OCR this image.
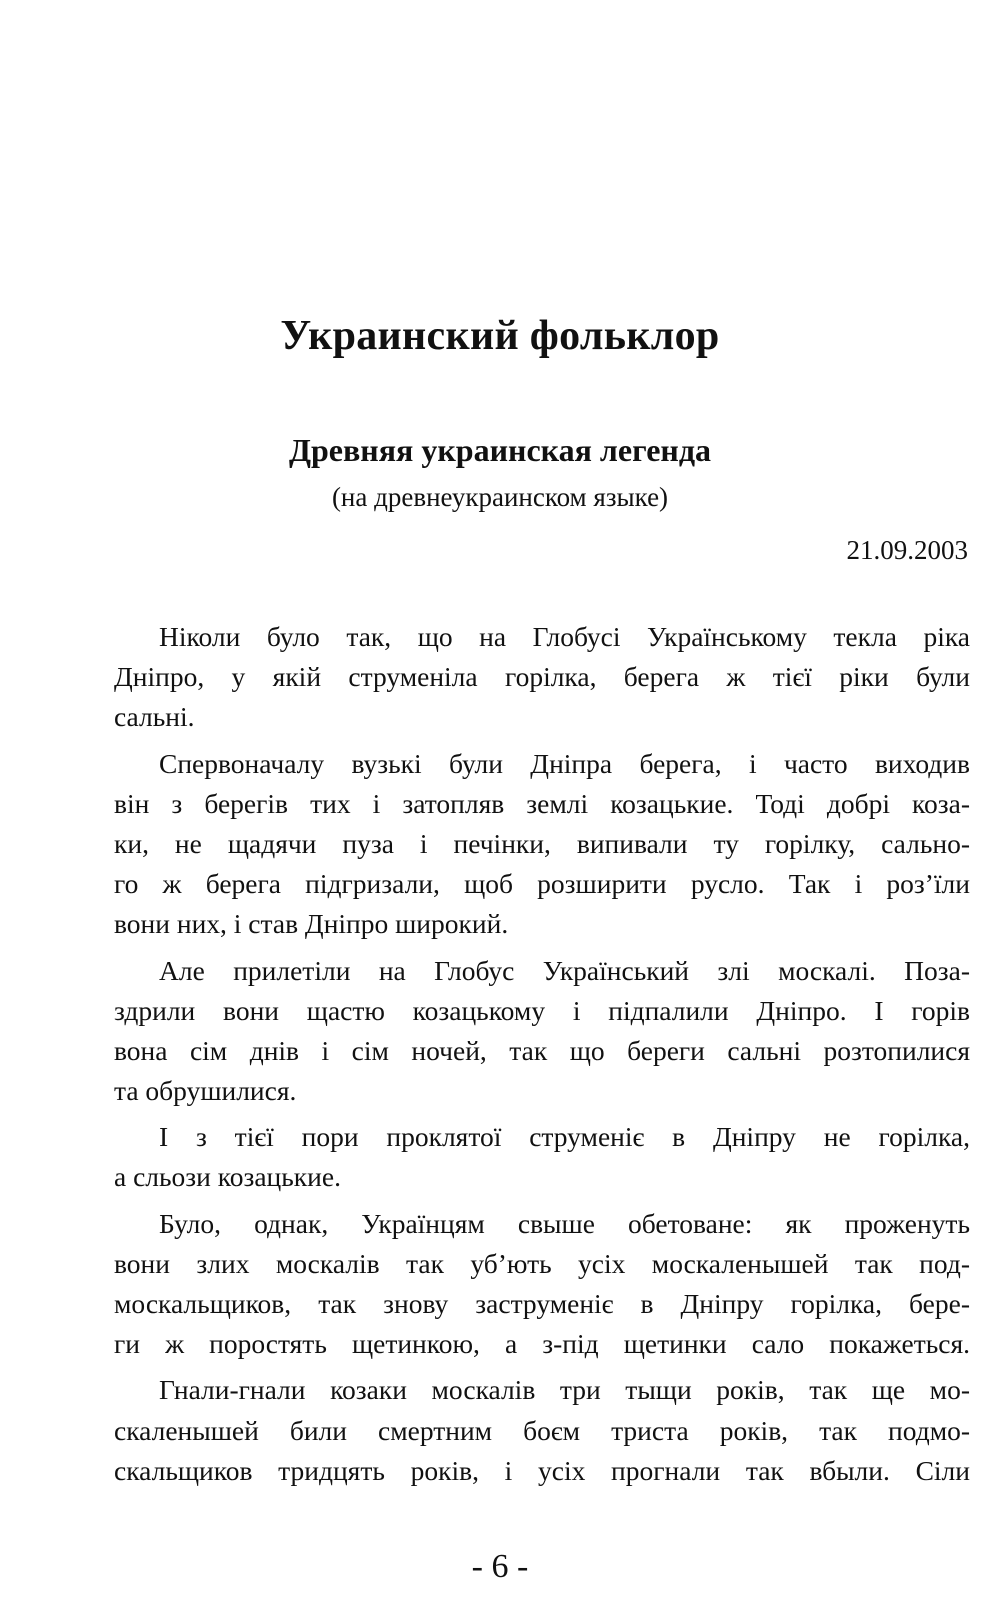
Украинский фольклор
Древняя украинская легенда

(на древнеукраинском языке)

21.09.2003

Ніколи було так, що на Глобусі Українському текла ріка
Дніпро, у якій струменіла горілка, берега ж тієї ріки були
сальні.
Спервоначалу вузькі були Дніпра берега, і часто виходив
він з берегів тих і затопляв землі козацькие. Тоді добрі коза-
ки, не щадячи пуза і печінки, випивали ту горілку, сально-
го ж берега підгризали, щоб розширити русло. Так і роз’їли
вони них, і став Дніпро широкий.
Але прилетіли на Глобус Український злі москалі. Поза-
здрили вони щастю козацькому і підпалили Дніпро. І горів
вона сім днів і сім ночей, так що береги сальні розтопилися
та обрушилися.
І з тієї пори проклятої струменіє в Дніпру не горілка,
а сльози козацькие.
Було, однак, Українцям свыше обетоване: як проженуть
вони злих москалів так уб’ють усіх москаленышей так под-
москальщиков, так знову заструменіє в Дніпру горілка, бере-
ги ж поростять щетинкою, а з-під щетинки сало покажеться.
Гнали-гнали козаки москалів три тыщи років, так ще мо-
скаленышей били смертним боєм триста років, так подмо-
скальщиков тридцять років, і усіх прогнали так вбыли. Сіли

- 6 -
